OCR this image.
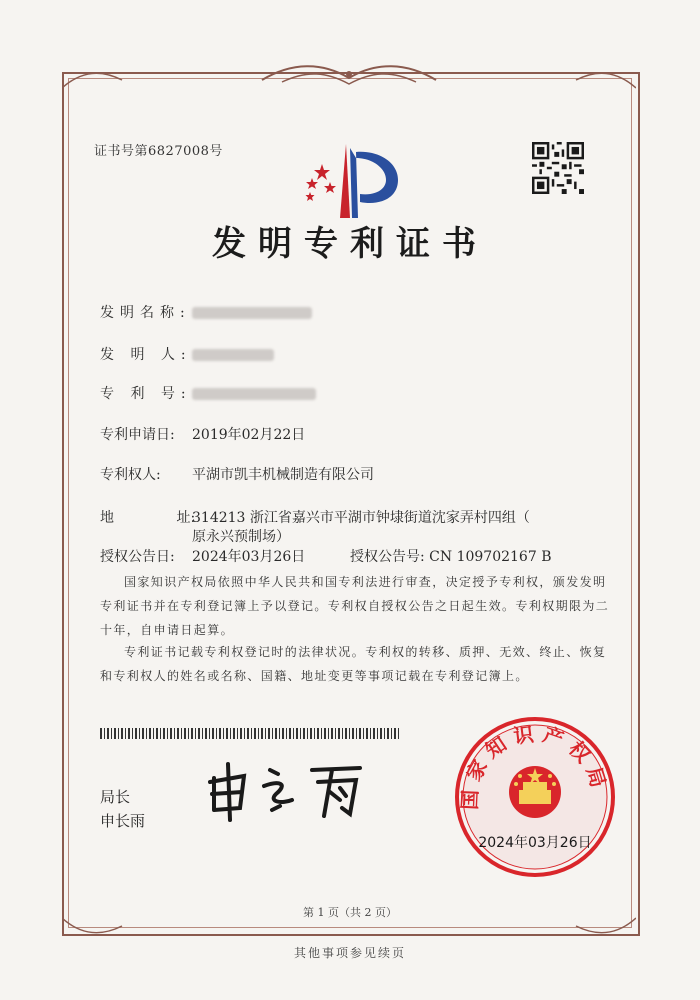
证书号第6827008号
发明专利证书
发明名称:
发 明 人:
专 利 号:
专利申请日: 2019年02月22日
专利权人: 平湖市凯丰机械制造有限公司
地 址:314213 浙江省嘉兴市平湖市钟埭街道沈家弄村四组（
原永兴预制场）
授权公告日: 2024年03月26日	授权公告号: CN 109702167 B
国家知识产权局依照中华人民共和国专利法进行审查，决定授予专利权，颁发发明专利证书并在专利登记簿上予以登记。专利权自授权公告之日起生效。专利权期限为二十年，自申请日起算。
专利证书记载专利权登记时的法律状况。专利权的转移、质押、无效、终止、恢复和专利权人的姓名或名称、国籍、地址变更等事项记载在专利登记簿上。
局长
申长雨
国家知识产权局
2024年03月26日
第 1 页（共 2 页）
其他事项参见续页
